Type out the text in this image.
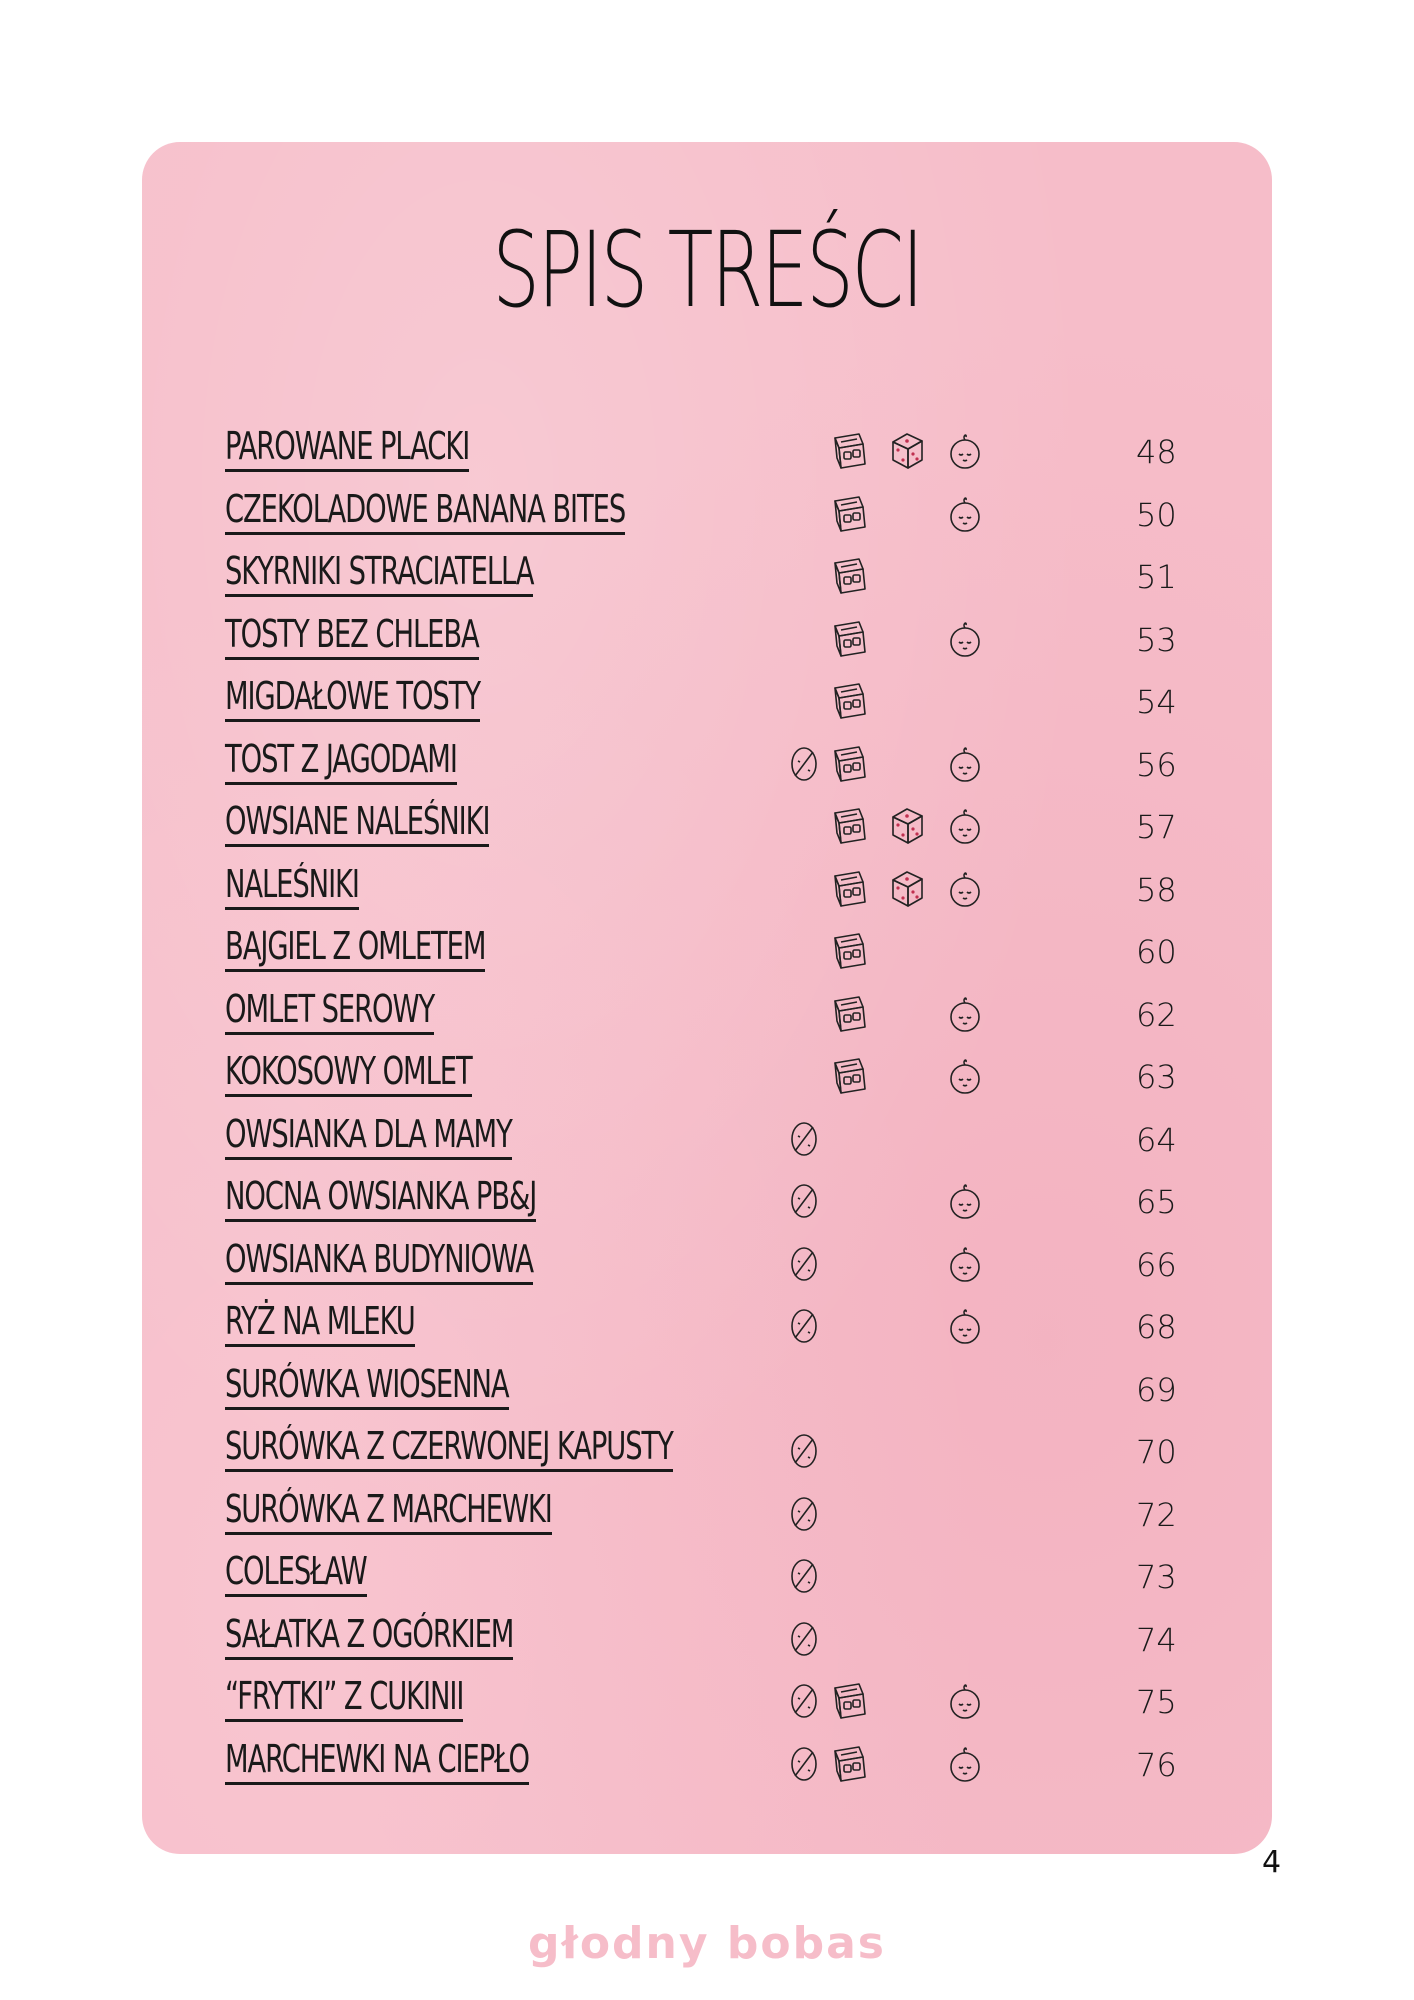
SPIS TREŚCI
PAROWANE PLACKI	48
CZEKOLADOWE BANANA BITES	50
SKYRNIKI STRACIATELLA	51
TOSTY BEZ CHLEBA	53
MIGDAŁOWE TOSTY	54
TOST Z JAGODAMI	56
OWSIANE NALEŚNIKI	57
NALEŚNIKI	58
BAJGIEL Z OMLETEM	60
OMLET SEROWY	62
KOKOSOWY OMLET	63
OWSIANKA DLA MAMY	64
NOCNA OWSIANKA PB&J	65
OWSIANKA BUDYNIOWA	66
RYŻ NA MLEKU	68
SURÓWKA WIOSENNA	69
SURÓWKA Z CZERWONEJ KAPUSTY	70
SURÓWKA Z MARCHEWKI	72
COLESŁAW	73
SAŁATKA Z OGÓRKIEM	74
“FRYTKI” Z CUKINII	75
MARCHEWKI NA CIEPŁO	76
4
głodny bobas
